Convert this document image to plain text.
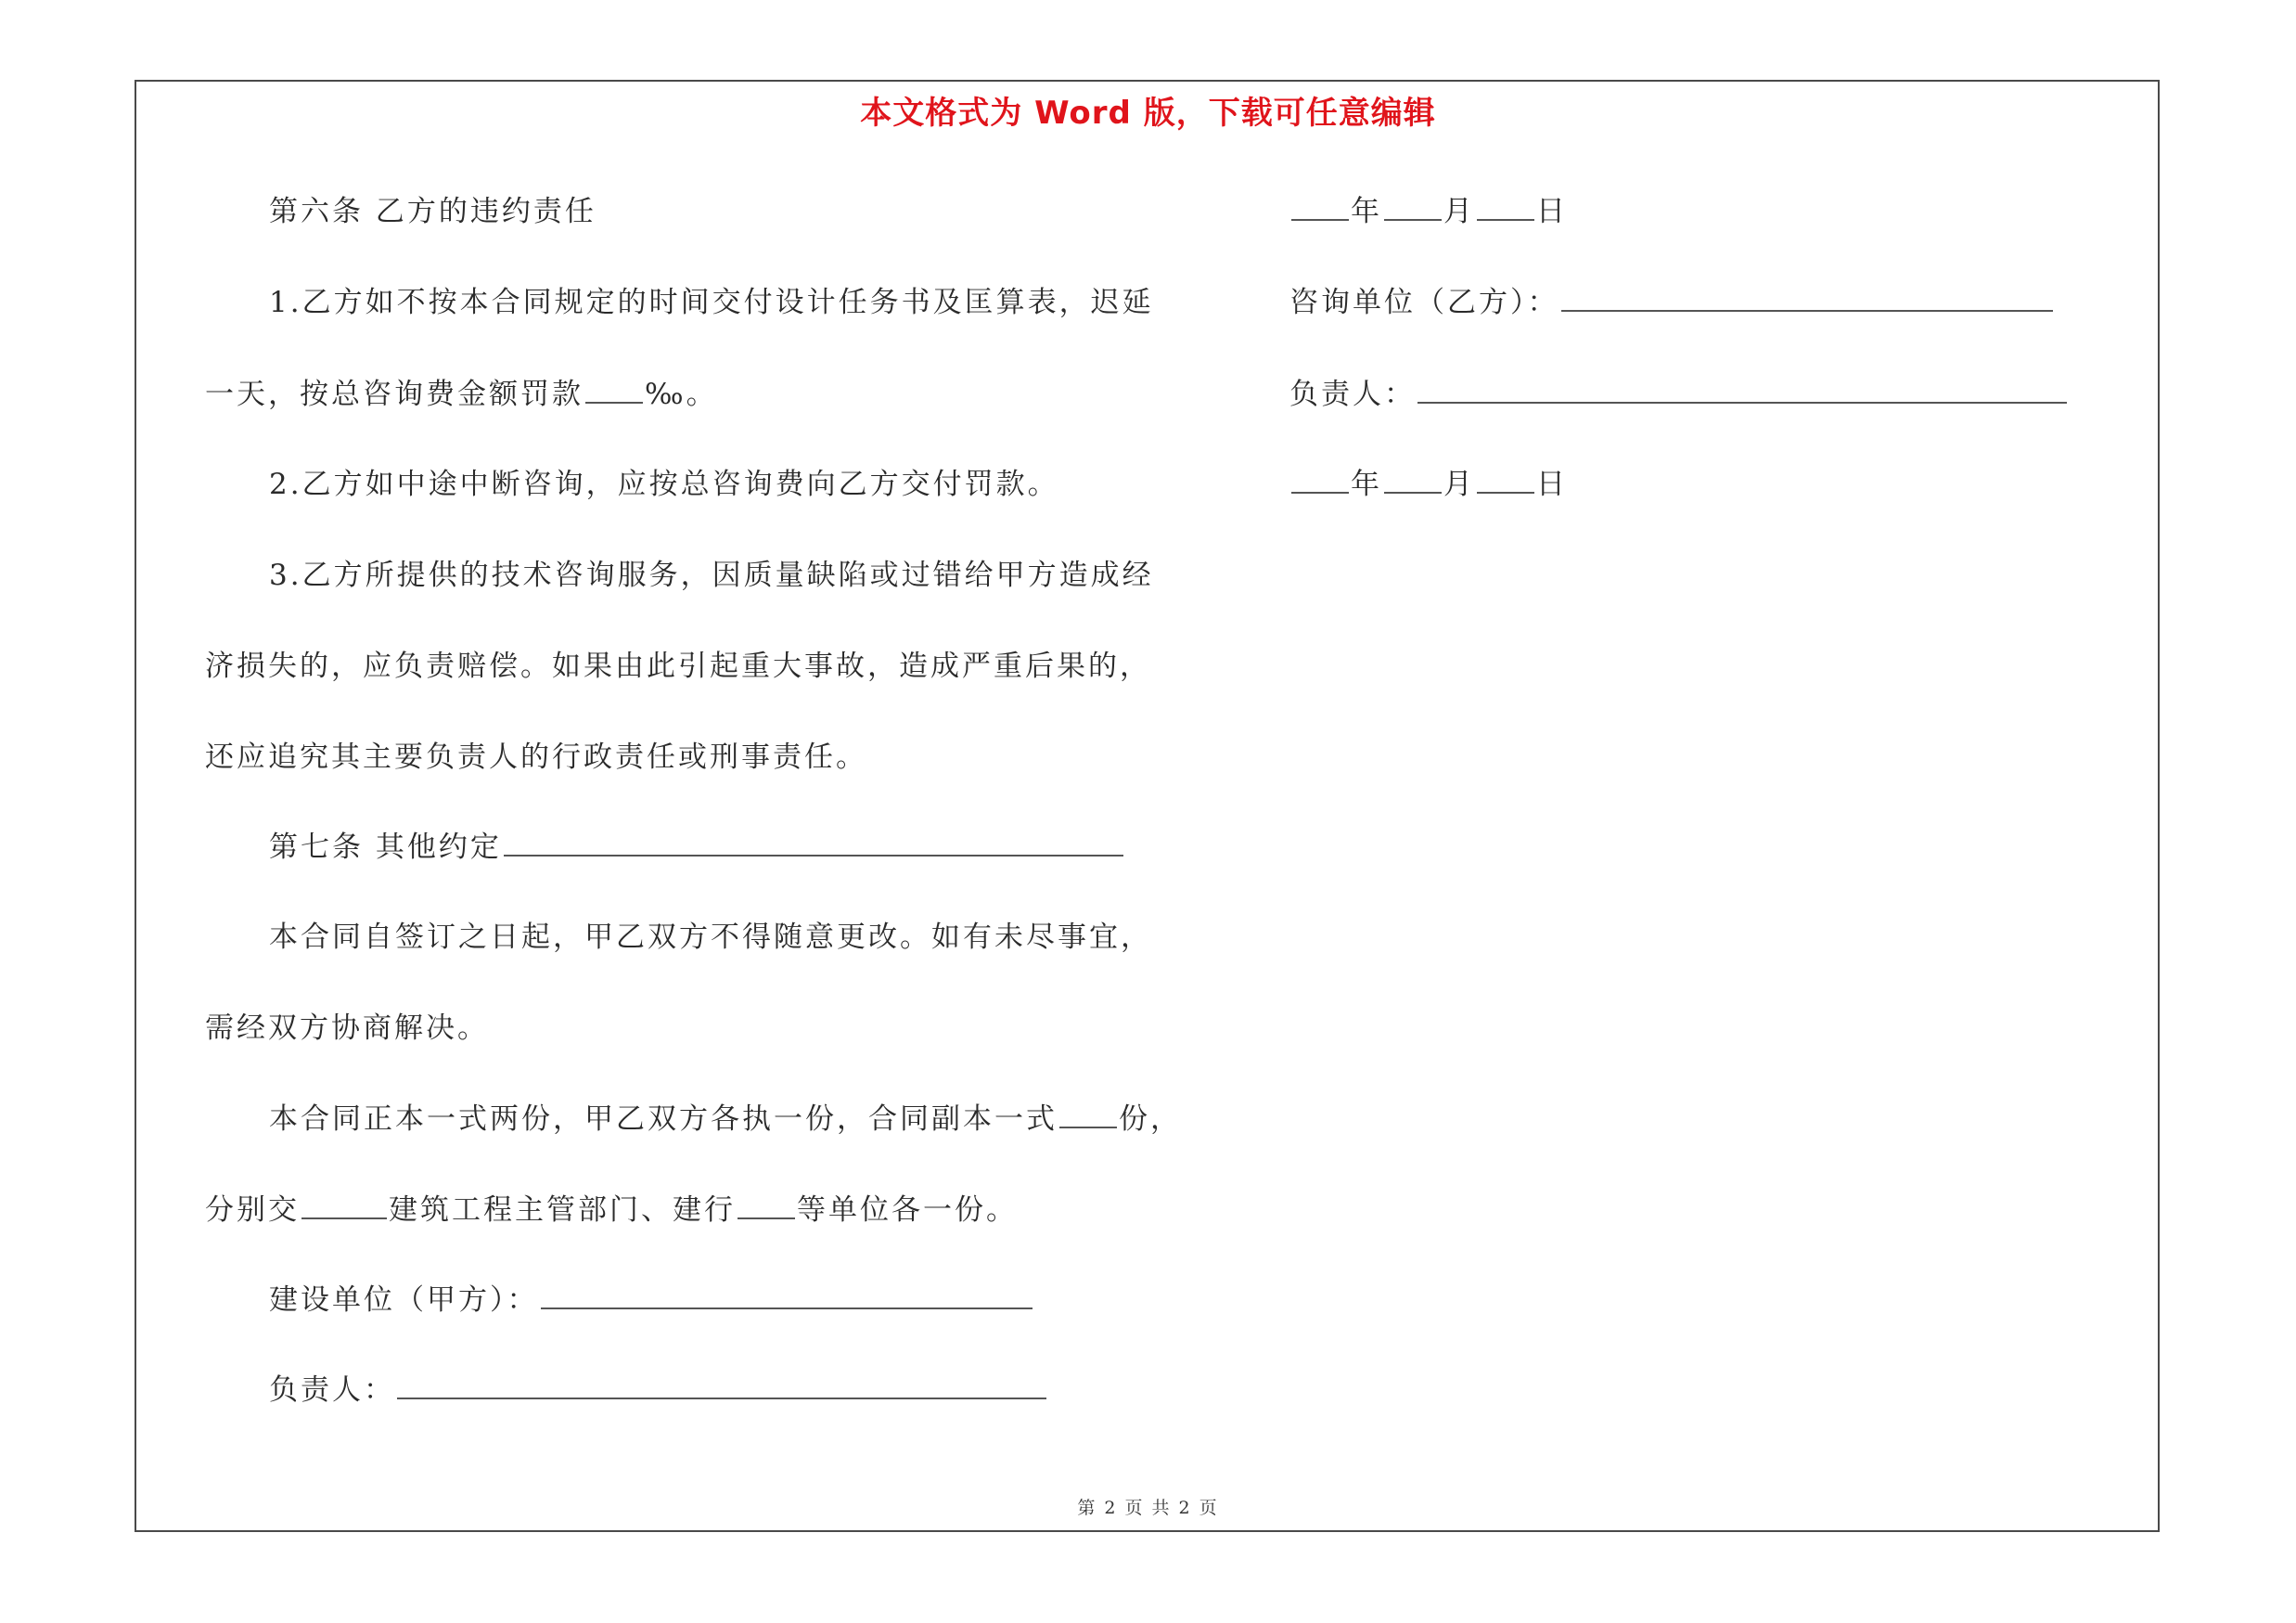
本文格式为 Word 版，下载可任意编辑
第六条 乙方的违约责任
1.乙方如不按本合同规定的时间交付设计任务书及匡算表，迟延
一天，按总咨询费金额罚款 ‰。
2.乙方如中途中断咨询，应按总咨询费向乙方交付罚款。
3.乙方所提供的技术咨询服务，因质量缺陷或过错给甲方造成经
济损失的，应负责赔偿。如果由此引起重大事故，造成严重后果的，
还应追究其主要负责人的行政责任或刑事责任。
第七条 其他约定
本合同自签订之日起，甲乙双方不得随意更改。如有未尽事宜，
需经双方协商解决。
本合同正本一式两份，甲乙双方各执一份，合同副本一式 份，
分别交	建筑工程主管部门、建行 等单位各一份。
建设单位（甲方）：
负责人：
年 月 日
咨询单位（乙方）：
负责人：
年 月 日
第 2 页 共 2 页
